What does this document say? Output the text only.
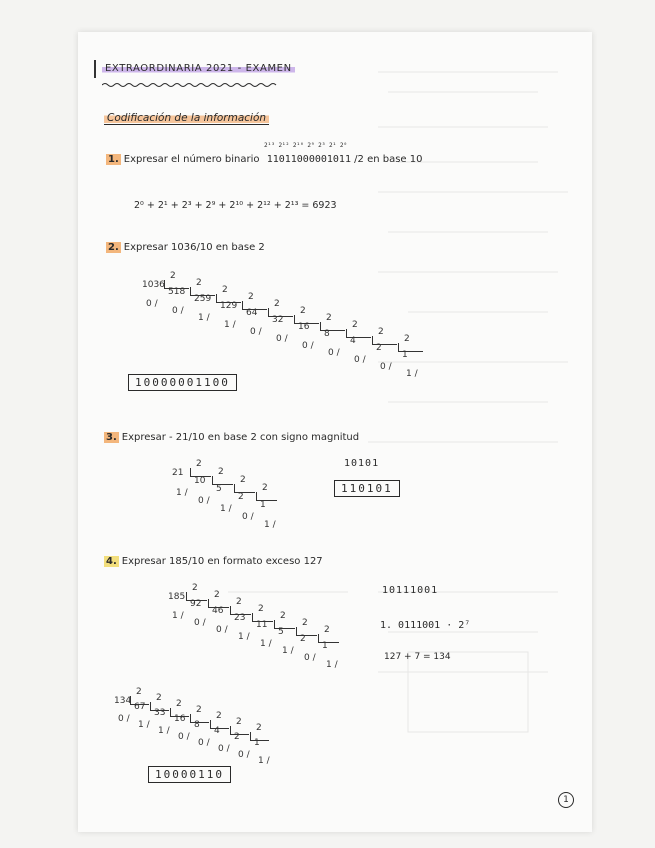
EXTRAORDINARIA 2021 - EXAMEN
Codificación de la información
2¹³ 2¹² 2¹⁰ 2⁹ 2³ 2¹ 2⁰
1. Expresar el número binario 11011000001011 /2 en base 10
2⁰ + 2¹ + 2³ + 2⁹ + 2¹⁰ + 2¹² + 2¹³ = 6923
2. Expresar 1036/10 en base 2
1036
2
0 /
518
2
0 /
259
2
1 /
129
2
1 /
64
2
0 /
32
2
0 /
16
2
0 /
8
2
0 /
4
2
0 /
2
2
0 /
1
1 /
10000001100
3. Expresar - 21/10 en base 2 con signo magnitud
21
2
1 /
10
2
0 /
5
2
1 /
2
2
0 /
1
1 /
10101
110101
4. Expresar 185/10 en formato exceso 127
185
2
1 /
92
2
0 /
46
2
0 /
23
2
1 /
11
2
1 /
5
2
1 /
2
2
0 /
1
1 /
10111001
1. 0111001 · 2⁷
127 + 7 = 134
134
2
0 /
67
2
1 /
33
2
1 /
16
2
0 /
8
2
0 /
4
2
0 /
2
2
0 /
1
1 /
10000110
1
